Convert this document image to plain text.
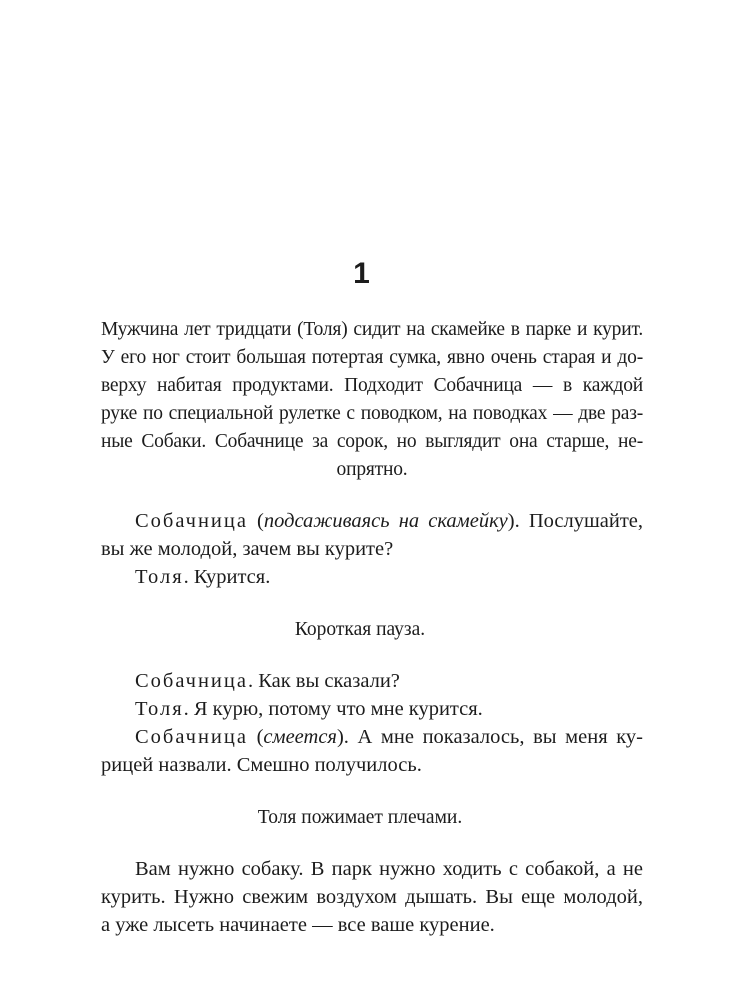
1
Мужчина лет тридцати (Толя) сидит на скамейке в парке и курит.
У его ног стоит большая потертая сумка, явно очень старая и до-
верху набитая продуктами. Подходит Собачница — в каждой
руке по специальной рулетке с поводком, на поводках — две раз-
ные Собаки. Собачнице за сорок, но выглядит она старше, не-
опрятно.
Собачница (подсаживаясь на скамейку). Послушайте,
вы же молодой, зачем вы курите?
Толя. Курится.
Короткая пауза.
Собачница. Как вы сказали?
Толя. Я курю, потому что мне курится.
Собачница (смеется). А мне показалось, вы меня ку-
рицей назвали. Смешно получилось.
Толя пожимает плечами.
Вам нужно собаку. В парк нужно ходить с собакой, а не
курить. Нужно свежим воздухом дышать. Вы еще молодой,
а уже лысеть начинаете — все ваше курение.
